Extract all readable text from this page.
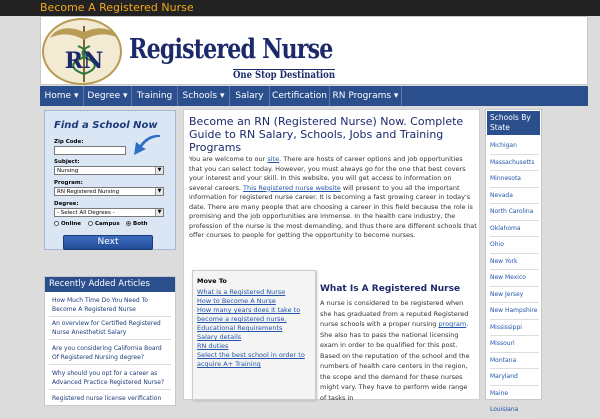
Become A Registered Nurse
RN Registered Nurse
One Stop Destination
Home ▾ Degree ▾	Training	Schools ▾	Salary Certification RN Programs ▾
Find a School Now
Zip Code:
Subject:
Nursing	▼
Program:
RN Registered Nursing	▼
Degree:
- Select All Degrees -	▼
Online	Campus	Both
Next
Recently Added Articles
How Much Time Do You Need To Become A Registered Nurse
An overview for Certified Registered Nurse Anesthetist Salary
Are you considering California Board Of Registered Nursing degree?
Why should you opt for a career as Advanced Practice Registered Nurse?
Registered nurse license verification
Become an RN (Registered Nurse) Now. Complete Guide to RN Salary, Schools, Jobs and Training Programs
You are welcome to our site. There are hosts of career options and job opportunities that you can select today. However, you must always go for the one that best covers your interest and your skill. In this website, you will get access to information on several careers. This Registered nurse website will present to you all the important information for registered nurse career. It is becoming a fast growing career in today's date. There are many people that are choosing a career in this field because the role is promising and the job opportunities are immense. In the health care industry, the profession of the nurse is the most demanding, and thus there are different schools that offer courses to people for getting the opportunity to become nurses.
Move To
What is a Registered Nurse
How to Become A Nurse
How many years does it take to become a registered nurse.
Educational Requirements
Salary details
RN duties
Select the best school in order to acquire A+ Training
What Is A Registered Nurse
A nurse is considered to be registered when she has graduated from a reputed Registered nurse schools with a proper nursing program. She also has to pass the national licensing exam in order to be qualified for this post. Based on the reputation of the school and the numbers of health care centers in the region, the scope and the demand for these nurses might vary. They have to perform wide range of tasks in
Schools By State
Michigan
Massachusetts
Minnesota
Nevada
North Carolina
Oklahoma
Ohio
New York
New Mexico
New Jersey
New Hampshire
Mississippi
Missouri
Montana
Maryland
Maine
Louisiana
